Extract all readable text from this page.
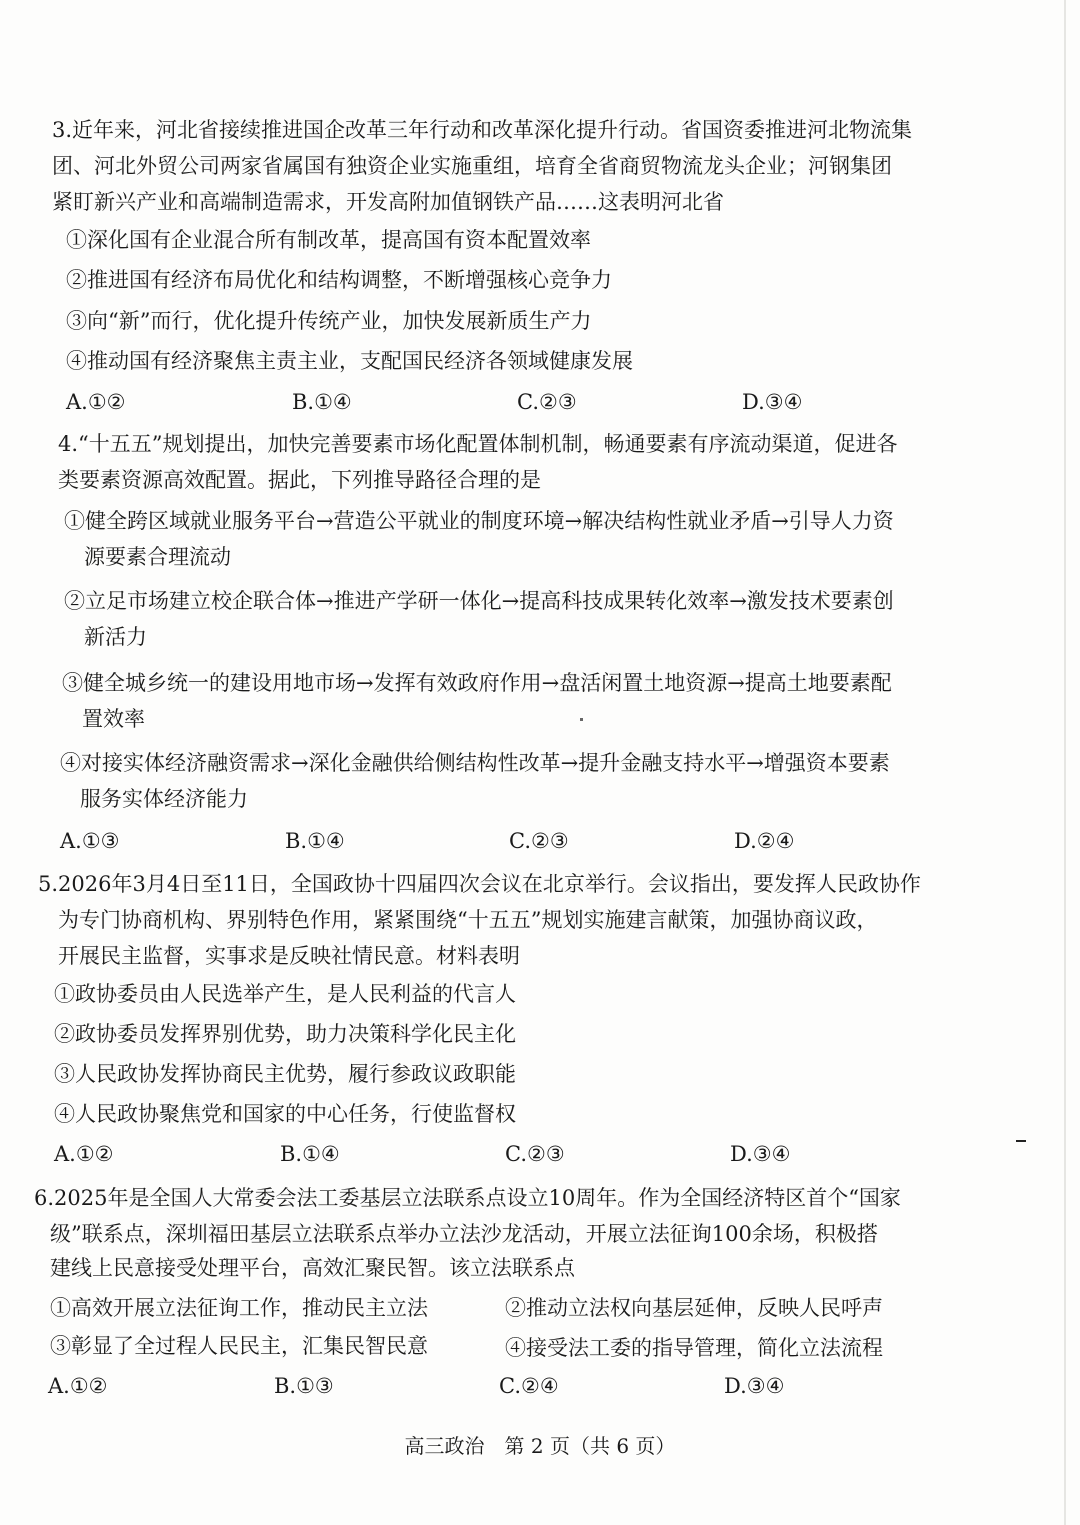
3.近年来，河北省接续推进国企改革三年行动和改革深化提升行动。省国资委推进河北物流集
团、河北外贸公司两家省属国有独资企业实施重组，培育全省商贸物流龙头企业；河钢集团
紧盯新兴产业和高端制造需求，开发高附加值钢铁产品……这表明河北省
①深化国有企业混合所有制改革，提高国有资本配置效率
②推进国有经济布局优化和结构调整，不断增强核心竞争力
③向“新”而行，优化提升传统产业，加快发展新质生产力
④推动国有经济聚焦主责主业，支配国民经济各领域健康发展
A.①②	B.①④	C.②③	D.③④
4.“十五五”规划提出，加快完善要素市场化配置体制机制，畅通要素有序流动渠道，促进各
类要素资源高效配置。据此，下列推导路径合理的是
①健全跨区域就业服务平台→营造公平就业的制度环境→解决结构性就业矛盾→引导人力资
源要素合理流动
②立足市场建立校企联合体→推进产学研一体化→提高科技成果转化效率→激发技术要素创
新活力
③健全城乡统一的建设用地市场→发挥有效政府作用→盘活闲置土地资源→提高土地要素配
置效率
④对接实体经济融资需求→深化金融供给侧结构性改革→提升金融支持水平→增强资本要素
服务实体经济能力
A.①③	B.①④	C.②③	D.②④
5.2026年3月4日至11日，全国政协十四届四次会议在北京举行。会议指出，要发挥人民政协作
为专门协商机构、界别特色作用，紧紧围绕“十五五”规划实施建言献策，加强协商议政，
开展民主监督，实事求是反映社情民意。材料表明
①政协委员由人民选举产生，是人民利益的代言人
②政协委员发挥界别优势，助力决策科学化民主化
③人民政协发挥协商民主优势，履行参政议政职能
④人民政协聚焦党和国家的中心任务，行使监督权
A.①②	B.①④	C.②③	D.③④
6.2025年是全国人大常委会法工委基层立法联系点设立10周年。作为全国经济特区首个“国家
级”联系点，深圳福田基层立法联系点举办立法沙龙活动，开展立法征询100余场，积极搭
建线上民意接受处理平台，高效汇聚民智。该立法联系点
①高效开展立法征询工作，推动民主立法	②推动立法权向基层延伸，反映人民呼声
③彰显了全过程人民民主，汇集民智民意	④接受法工委的指导管理，简化立法流程
A.①②	B.①③	C.②④	D.③④
高三政治　第 2 页（共 6 页）
